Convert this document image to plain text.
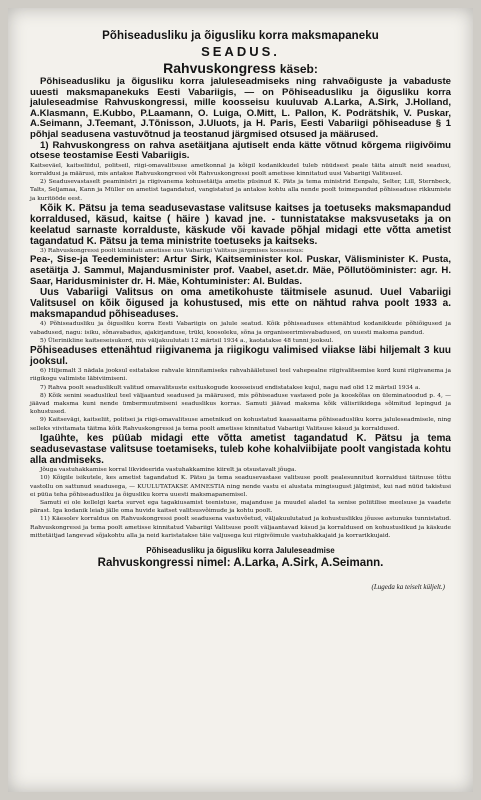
Põhiseadusliku ja õigusliku korra maksmapaneku
SEADUS.
Rahvuskongress käseb:

Põhiseadusliku ja õigusliku korra jaluleseadmiseks ning rahvaõiguste ja vabaduste uuesti maksmapanekuks Eesti Vabariigis, — on Põhiseadusliku ja õigusliku korra jaluleseadmise Rahvuskongressi, mille koosseisu kuuluvab A.Larka, A.Sirk, J.Holland, A.Klasmann, E.Kubbo, P.Laamann, O. Luiga, O.Mitt, L. Pallon, K. Podrätshik, V. Puskar, A.Seimann, J.Teemant, J.Tõnisson, J.Uluots, ja H. Paris, Eesti Vabariigi põhiseaduse § 1 põhjal seadusena vastuvõtnud ja teostanud järgmised otsused ja määrused.

1) Rahvuskongress on rahva asetäitjana ajutiselt enda kätte võtnud kõrgema riigivõimu otsese teostamise Eesti Vabariigis.

Kaitseväel, kaitseliidul, politseil, riigi-omavalitsuse ametkonnal ja kõigil kodanikkudel tuleb nüüdsest peale täita ainult neid seadusi, korraldusi ja määrusi, mis antakse Rahvuskongressi või Rahvuskongressi poolt ametisse kinnitatud uusi Vabariigi Valitsusel.

2) Seadusevastaselt peaministri ja riigivanema kohusetäitja ametis püsinud K. Päts ja tema ministrid Eenpalu, Selter, Lill, Sternbeck, Talts, Seljamaa, Kann ja Müller on ametist tagandatud, vangistatud ja antakse kohtu alla nende poolt toimepandud põhiseaduse rikkumiste ja kuritööde eest.

Kõik K. Pätsu ja tema seadusevastase valitsuse kaitses ja toetuseks maksmapandud korraldused, käsud, kaitse ( häire ) kavad jne. - tunnistatakse maksvusetaks ja on keelatud sarnaste korralduste, käskude või kavade põhjal midagi ette võtta ametist tagandatud K. Pätsu ja tema ministrite toetuseks ja kaitseks.

3) Rahvuskongressi poolt kinnitati ametisse uus Vabariigi Valitsus järgmises koosseisus:

Pea-, Sise-ja Teedeminister: Artur Sirk, Kaitseminister kol. Puskar, Välisminister K. Pusta, asetäitja J. Sammul, Majandusminister prof. Vaabel, aset.dr. Mäe, Põllutööminister: agr. H. Saar, Haridusminister dr. H. Mäe, Kohtuminister: Al. Buldas.

Uus Vabariigi Valitsus on oma ametikohuste täitmisele asunud. Uuel Vabariigi Valitsusel on kõik õigused ja kohustused, mis ette on nähtud rahva poolt 1933 a. maksmapandud põhiseaduses.

4) Põhiseadusliku ja õigusliku korra Eesti Vabariigis on jalule seatud. Kõik põhiseaduses ettenähtud kodanikkude põhiõigused ja vabadused, nagu: isiku, sõnavabadus, ajakirjanduse, trüki, koosoleku, sõna ja organiseerimisvabadused, on uuesti maksma pandud.

5) Ülerinikline kaitseseisukord, mis väljakuulutati 12 märtsil 1934 a., kaotatakse 48 tunni jooksul.

Põhiseaduses ettenähtud riigivanema ja riigikogu valimised viiakse läbi hiljemalt 3 kuu jooksul.

6) Hiljemalt 3 nädala jooksul esitatakse rahvale kinnitamiseks rahvahääletusel teel vahepealne riigivalitsemise kord kuni riigivanema ja riigikogu valimiste läbiviimiseni.

7) Rahva poolt seaduslikult valitud omavalitsuste esituskogude koosseisud endistatakse kujul, nagu nad olid 12 märtsil 1934 a.

8) Kõik senini seaduslikul teel väljaantud seadused ja määrused, mis põhiseaduse vastased pole ja kooskõlas on üleminatoodud p. 4, — jäävad maksma kuni nende ümbermuutmiseni seaduslikus korras. Samuti jäävad maksma kõik välisriikidega sõlmitud lepingud ja kohustused.

9) Kaitsevägi, kaitseliit, politsei ja riigi-omavalitsuse ametnikud on kohustatud kaasaaitama põhiseadusliku korra jaluleseadmisele, ning selleks viivitamata täitma kõik Rahvuskongressi ja tema poolt ametisse kinnitatud Vabariigi Valitsuse käsud ja korraldused.

Igaühte, kes püüab midagi ette võtta ametist tagandatud K. Pätsu ja tema seadusevastase valitsuse toetamiseks, tuleb kohe kohalviibijate poolt vangistada kohtu alla andmiseks.

Jõuga vastuhakkamise korral likvideerida vastuhakkamine kiirelt ja otsustavalt jõuga.

10) Kõigile isikutele, kes ametist tagandatud K. Pätsu ja tema seadusevastase valitsuse poolt pealesunnitud korraldusi täitnuse tõttu vastollu on sattunud seadusega, — KUULUTATAKSE AMNESTIA ning nende vastu ei alustata mingisugust jälgimist, kui nad nüüd takistusi ei püüa teha põhiseadusliku ja õigusliku korra uuesti maksmapanemisel.

Samuti ei ole kellelgi karta survet ega tagakiusamist teenistuse, majanduse ja muudel aladel ta senise poliitilise meelsuse ja vaadete pärast. Iga kodanik leiab jälle oma huvide kaitset valitsusvõimude ja kohtu poolt.

11) Käesolev korraldus on Rahvuskongressi poolt seadusena vastuvõetud, väljakuulutatud ja kohustuslikku jõusse astunuks tunnistatud. Rahvuskongressi ja tema poolt ametisse kinnitatud Vabariigi Valitsuse poolt väljaantavad käsud ja korraldused on kohustuslikud ja käskude mittetäitjad langevad sõjakohtu alla ja neid karistatakse täie valjusega kui riigivõimule vastuhakkajaid ja korrarikkujaid.

Põhiseadusliku ja õigusliku korra Jaluleseadmise
Rahvuskongressi nimel: A.Larka, A.Sirk, A.Seimann.
(Lugeda ka teiselt küljelt.)
